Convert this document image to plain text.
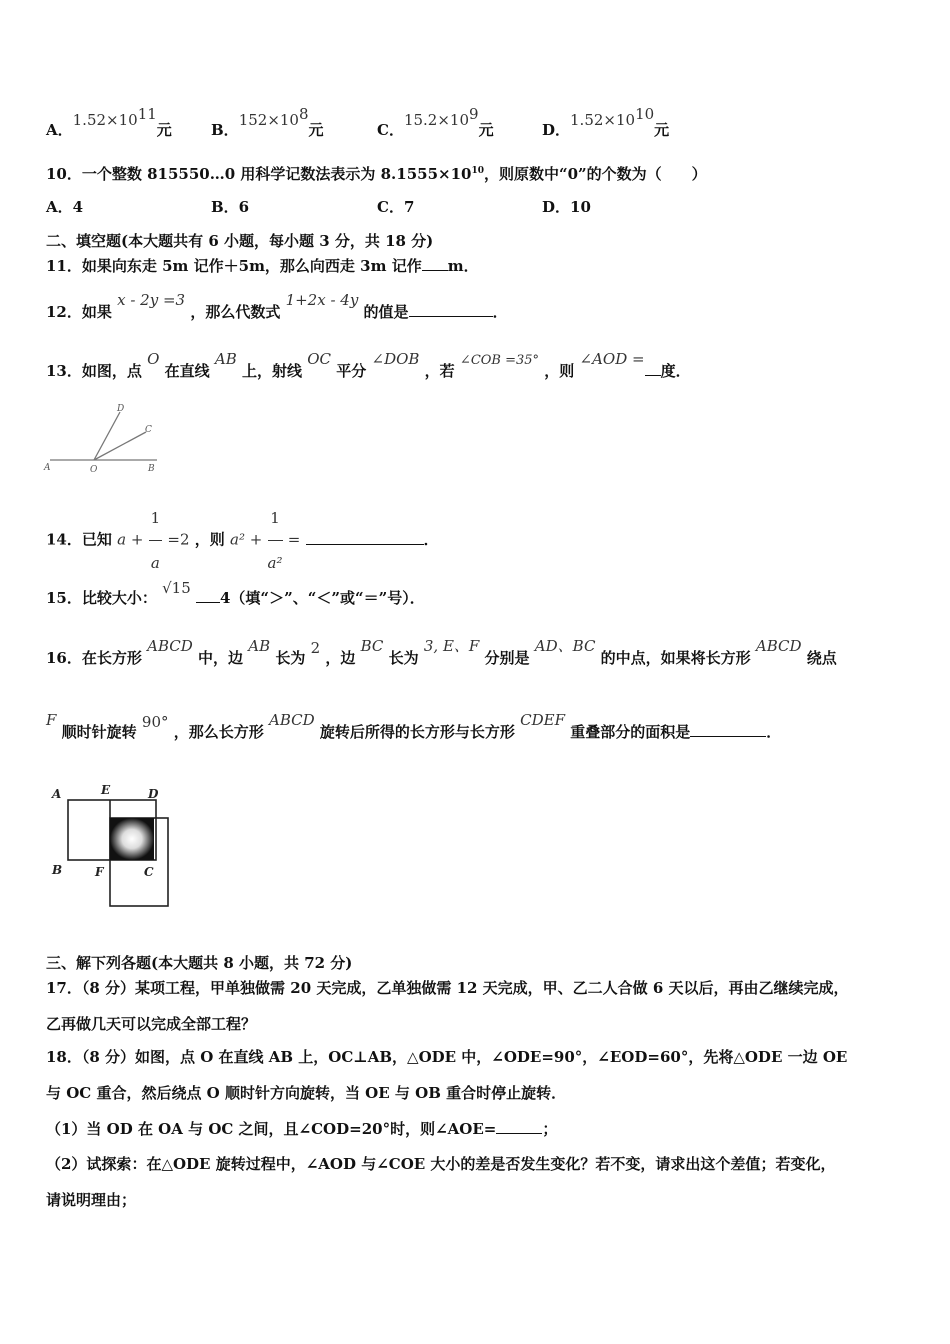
A．$1.52\times 10^{11}$元	B．$152\times 10^8$元	C．$15.2\times 10^9$元	D．$1.52\times 10^{10}$元
10．一个整数 815550…0 用科学记数法表示为 $8.1555\times 10^{10}$，则原数中“0”的个数为（　　）
A．4	B．6	C．7	D．10
二、填空题(本大题共有 6 小题，每小题 3 分，共 18 分)
11．如果向东走 5m 记作＋5m，那么向西走 3m 记作 m．
12．如果 x - 2y =3 ，那么代数式 1+2x - 4y 的值是	．
13．如图，点 O 在直线 AB 上，射线 OC 平分 ∠DOB ，若 ∠COB =35° ，则 ∠AOD =度．
A	O	B
C
D
14．已知 $a + \frac{1}{a} =2$ ，则 $a^2 + \frac{1}{\text{a²}}$ =	．
15．比较大小： √15 4（填“＞”、“＜”或“＝”号）．
16．在长方形 ABCD 中，边 AB 长为 2 ，边 BC 长为 3, E、F 分别是 AD、BC 的中点，如果将长方形 ABCD 绕点
F 顺时针旋转 90° ，那么长方形 ABCD 旋转后所得的长方形与长方形 CDEF 重叠部分的面积是	．
A	E	D
B	F	C
三、解下列各题(本大题共 8 小题，共 72 分)
17．（8 分）某项工程，甲单独做需 20 天完成，乙单独做需 12 天完成，甲、乙二人合做 6 天以后，再由乙继续完成，
乙再做几天可以完成全部工程？
18．（8 分）如图，点 O 在直线 AB 上，OC⊥AB，△ODE 中，∠ODE=90°，∠EOD=60°，先将△ODE 一边 OE
与 OC 重合，然后绕点 O 顺时针方向旋转，当 OE 与 OB 重合时停止旋转．
（1）当 OD 在 OA 与 OC 之间，且∠COD=20°时，则∠AOE=	；
（2）试探索：在△ODE 旋转过程中，∠AOD 与∠COE 大小的差是否发生变化？若不变，请求出这个差值；若变化，
请说明理由；
